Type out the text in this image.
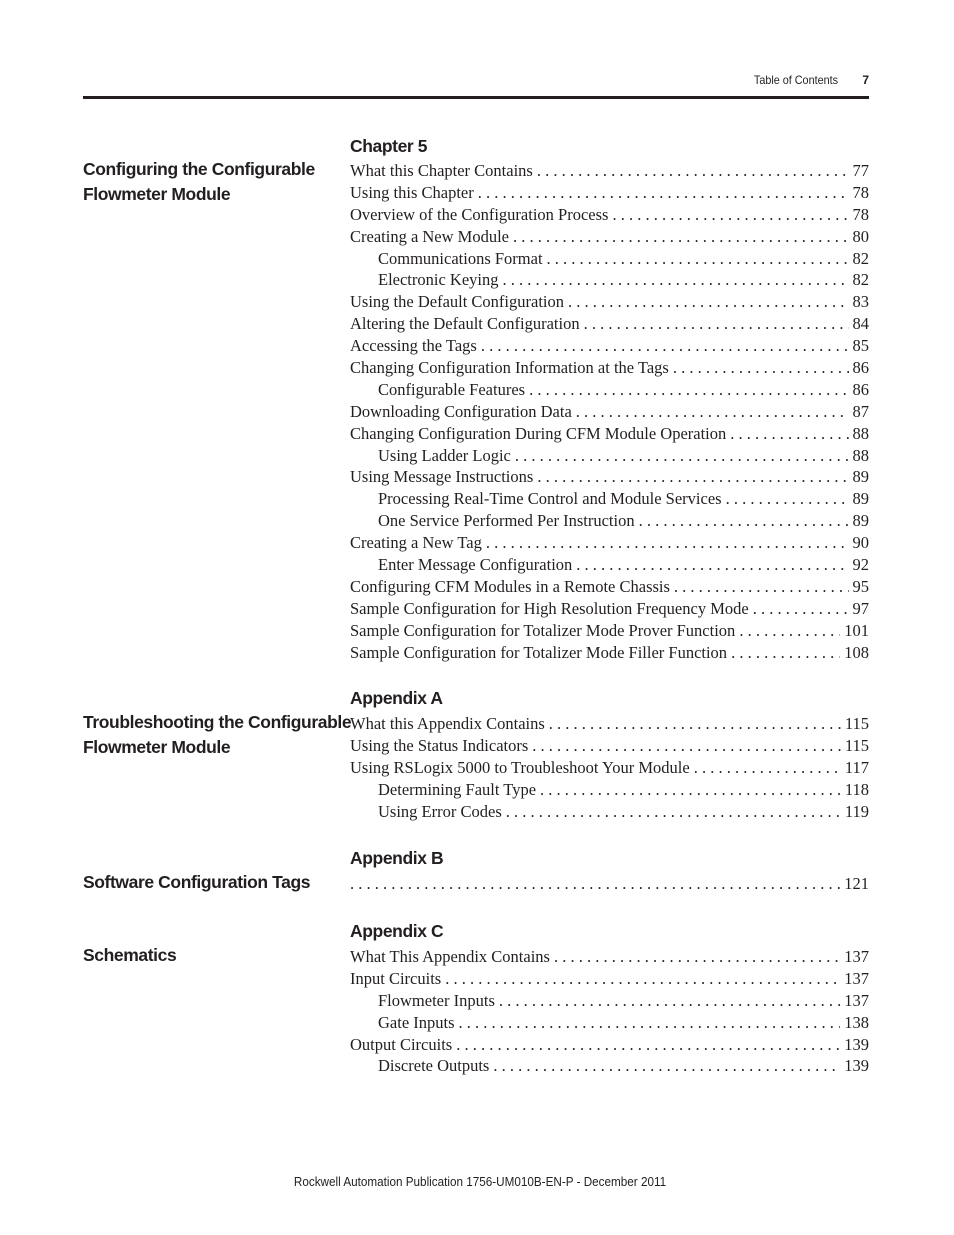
Table of Contents	7
Chapter 5
Configuring the Configurable
Flowmeter Module
What this Chapter Contains . . .	77
Using this Chapter . . .	78
Overview of the Configuration Process . . .	78
Creating a New Module . . .	80
Communications Format . . .	82
Electronic Keying . . .	82
Using the Default Configuration . . .	83
Altering the Default Configuration . . .	84
Accessing the Tags . . .	85
Changing Configuration Information at the Tags . . .	86
Configurable Features . . .	86
Downloading Configuration Data . . .	87
Changing Configuration During CFM Module Operation . . .	88
Using Ladder Logic . . .	88
Using Message Instructions . . .	89
Processing Real-Time Control and Module Services . . .	89
One Service Performed Per Instruction . . .	89
Creating a New Tag . . .	90
Enter Message Configuration . . .	92
Configuring CFM Modules in a Remote Chassis . . .	95
Sample Configuration for High Resolution Frequency Mode . . .	97
Sample Configuration for Totalizer Mode Prover Function . . .	101
Sample Configuration for Totalizer Mode Filler Function . . .	108
Appendix A
Troubleshooting the Configurable
Flowmeter Module
What this Appendix Contains . . .	115
Using the Status Indicators . . .	115
Using RSLogix 5000 to Troubleshoot Your Module . . .	117
Determining Fault Type . . .	118
Using Error Codes . . .	119
Appendix B
Software Configuration Tags . . .	121
Appendix C
Schematics	What This Appendix Contains . . .	137
Input Circuits . . .	137
Flowmeter Inputs . . .	137
Gate Inputs . . .	138
Output Circuits . . .	139
Discrete Outputs . . .	139
Rockwell Automation Publication 1756-UM010B-EN-P - December 2011
